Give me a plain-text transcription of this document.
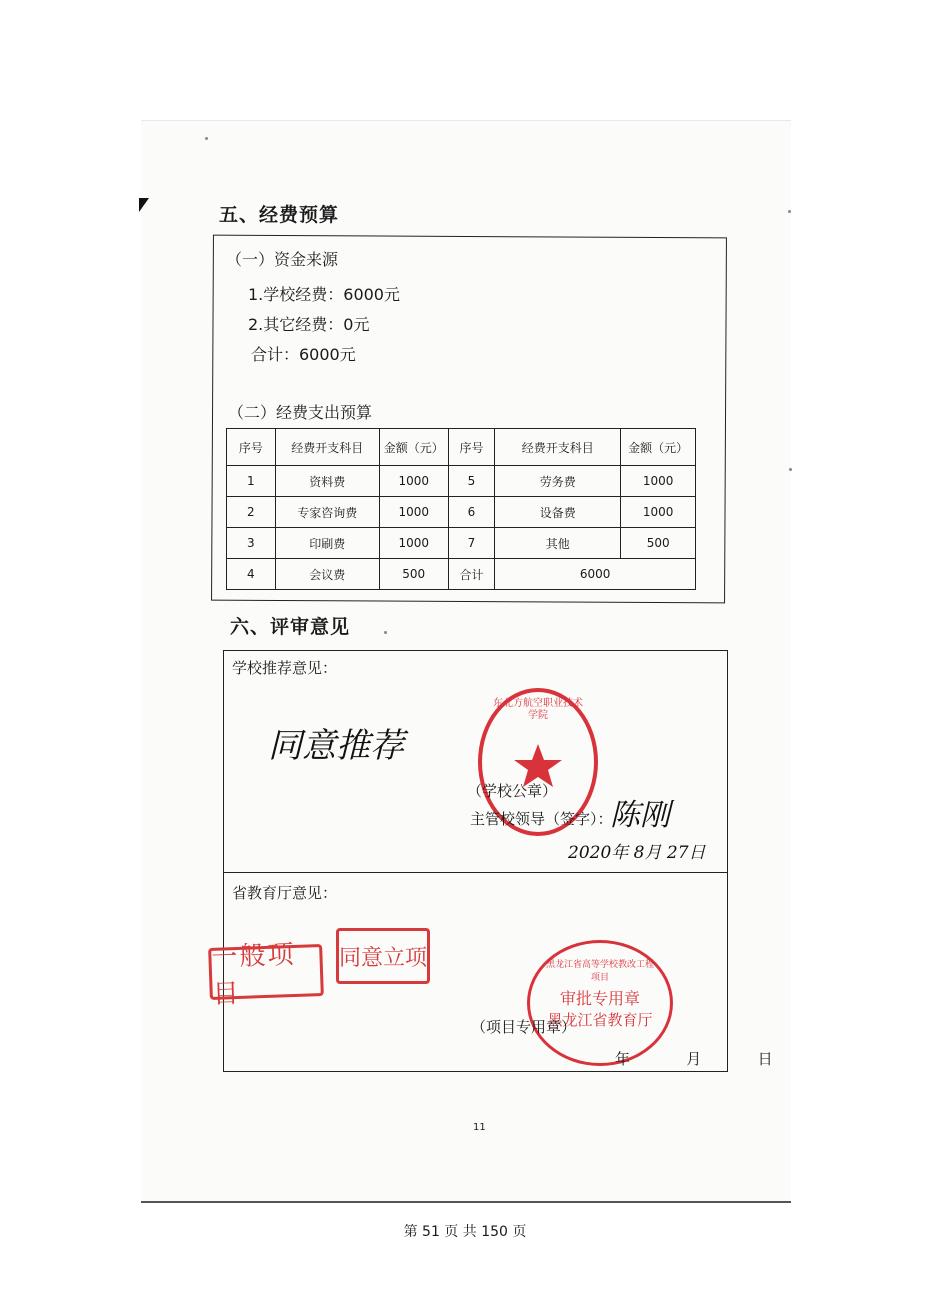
五、经费预算
（一）资金来源
1.学校经费：6000元
2.其它经费：0元
合计：6000元
（二）经费支出预算
序号	经费开支科目	金额（元）	序号	经费开支科目	金额（元）
1	资料费	1000	5	劳务费	1000
2	专家咨询费	1000	6	设备费	1000
3	印刷费	1000	7	其他	500
4	会议费	500	合计	6000	
六、评审意见
学校推荐意见：
同意推荐
东北方航空职业技术学院
（学校公章）
主管校领导（签字）：
陈刚
2020年 8月 27日
省教育厅意见：
一般项目
同意立项	黑龙江省高等学校教改工程项目
审批专用章
黑龙江省教育厅
（项目专用章）
年   月   日
11
第 51 页 共 150 页
